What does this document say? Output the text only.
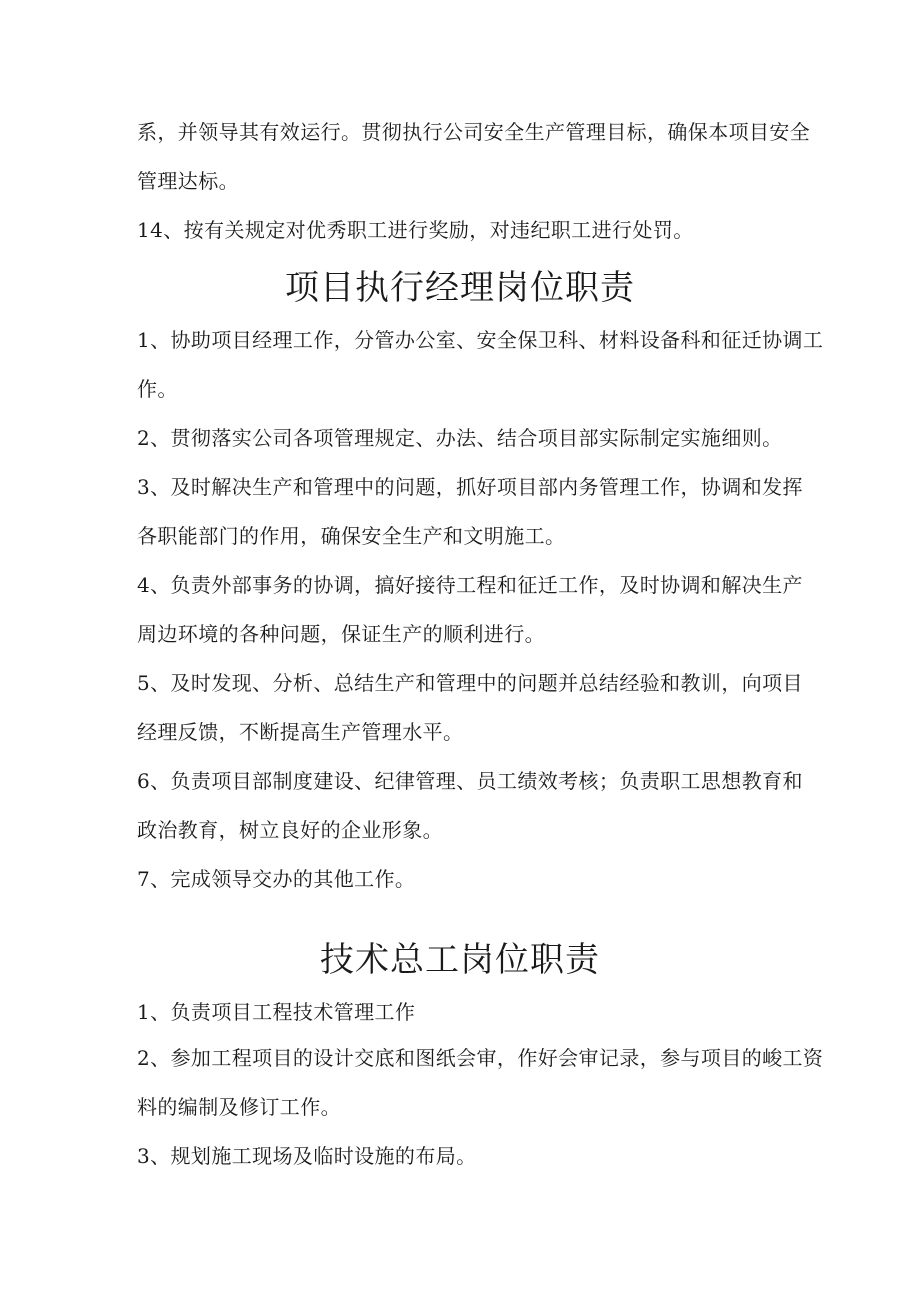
系，并领导其有效运行。贯彻执行公司安全生产管理目标，确保本项目安全
管理达标。
14、按有关规定对优秀职工进行奖励，对违纪职工进行处罚。
项目执行经理岗位职责
1、协助项目经理工作，分管办公室、安全保卫科、材料设备科和征迁协调工
作。
2、贯彻落实公司各项管理规定、办法、结合项目部实际制定实施细则。
3、及时解决生产和管理中的问题，抓好项目部内务管理工作，协调和发挥
各职能部门的作用，确保安全生产和文明施工。
4、负责外部事务的协调，搞好接待工程和征迁工作，及时协调和解决生产
周边环境的各种问题，保证生产的顺利进行。
5、及时发现、分析、总结生产和管理中的问题并总结经验和教训，向项目
经理反馈，不断提高生产管理水平。
6、负责项目部制度建设、纪律管理、员工绩效考核；负责职工思想教育和
政治教育，树立良好的企业形象。
7、完成领导交办的其他工作。
技术总工岗位职责
1、负责项目工程技术管理工作
2、参加工程项目的设计交底和图纸会审，作好会审记录，参与项目的峻工资
料的编制及修订工作。
3、规划施工现场及临时设施的布局。
